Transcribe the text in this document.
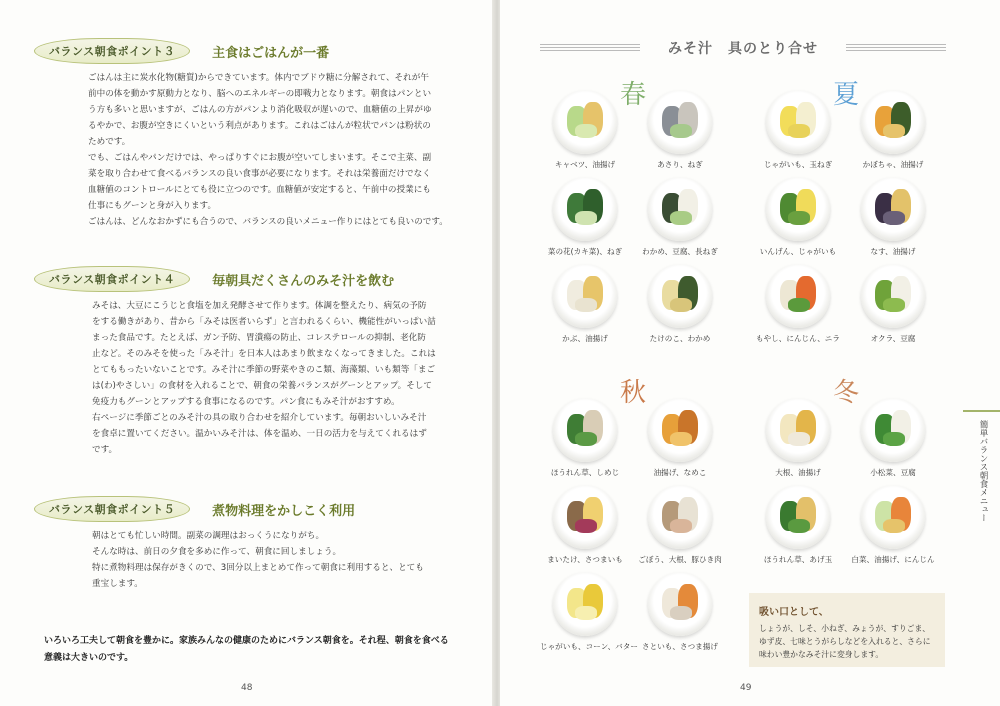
バランス朝食ポイント３	主食はごはんが一番

ごはんは主に炭水化物(糖質)からできています。体内でブドウ糖に分解されて、それが午

前中の体を動かす原動力となり、脳へのエネルギーの即戦力となります。朝食はパンとい

う方も多いと思いますが、ごはんの方がパンより消化吸収が遅いので、血糖値の上昇がゆ

るやかで、お腹が空きにくいという利点があります。これはごはんが粒状でパンは粉状の

ためです。

でも、ごはんやパンだけでは、やっぱりすぐにお腹が空いてしまいます。そこで主菜、副

菜を取り合わせて食べるバランスの良い食事が必要になります。それは栄養面だけでなく

血糖値のコントロールにとても役に立つのです。血糖値が安定すると、午前中の授業にも

仕事にもグーンと身が入ります。

ごはんは、どんなおかずにも合うので、バランスの良いメニュー作りにはとても良いのです。

バランス朝食ポイント４	毎朝具だくさんのみそ汁を飲む

みそは、大豆にこうじと食塩を加え発酵させて作ります。体調を整えたり、病気の予防

をする働きがあり、昔から「みそは医者いらず」と言われるくらい、機能性がいっぱい詰

まった食品です。たとえば、ガン予防、胃潰瘍の防止、コレステロールの抑制、老化防

止など。そのみそを使った「みそ汁」を日本人はあまり飲まなくなってきました。これは

とてももったいないことです。みそ汁に季節の野菜やきのこ類、海藻類、いも類等「まご

は(わ)やさしい」の食材を入れることで、朝食の栄養バランスがグーンとアップ。そして

免疫力もグーンとアップする食事になるのです。パン食にもみそ汁がおすすめ。

右ページに季節ごとのみそ汁の具の取り合わせを紹介しています。毎朝おいしいみそ汁

を食卓に置いてください。温かいみそ汁は、体を温め、一日の活力を与えてくれるはず

です。

バランス朝食ポイント５	煮物料理をかしこく利用

朝はとても忙しい時間。副菜の調理はおっくうになりがち。

そんな時は、前日の夕食を多めに作って、朝食に回しましょう。

特に煮物料理は保存がきくので、3回分以上まとめて作って朝食に利用すると、とても

重宝します。

いろいろ工夫して朝食を豊かに。家族みんなの健康のためにバランス朝食を。それ程、朝食を食べる
意義は大きいのです。
48
みそ汁　具のとり合せ
春	夏
秋	冬
キャベツ、油揚げ	あさり、ねぎ
菜の花(カキ菜)、ねぎ	わかめ、豆腐、長ねぎ
かぶ、油揚げ	たけのこ、わかめ
じゃがいも、玉ねぎ	かぼちゃ、油揚げ
いんげん、じゃがいも	なす、油揚げ
もやし、にんじん、ニラ	オクラ、豆腐
ほうれん草、しめじ	油揚げ、なめこ
まいたけ、さつまいも	ごぼう、大根、豚ひき肉
じゃがいも、コーン、バター さといも、さつま揚げ
大根、油揚げ	小松菜、豆腐
ほうれん草、あげ玉	白菜、油揚げ、にんじん
吸い口として、
しょうが、しそ、小ねぎ、みょうが、すりごま、
ゆず皮、七味とうがらしなどを入れると、さらに
味わい豊かなみそ汁に変身します。
簡単バランス朝食メニュー
49
